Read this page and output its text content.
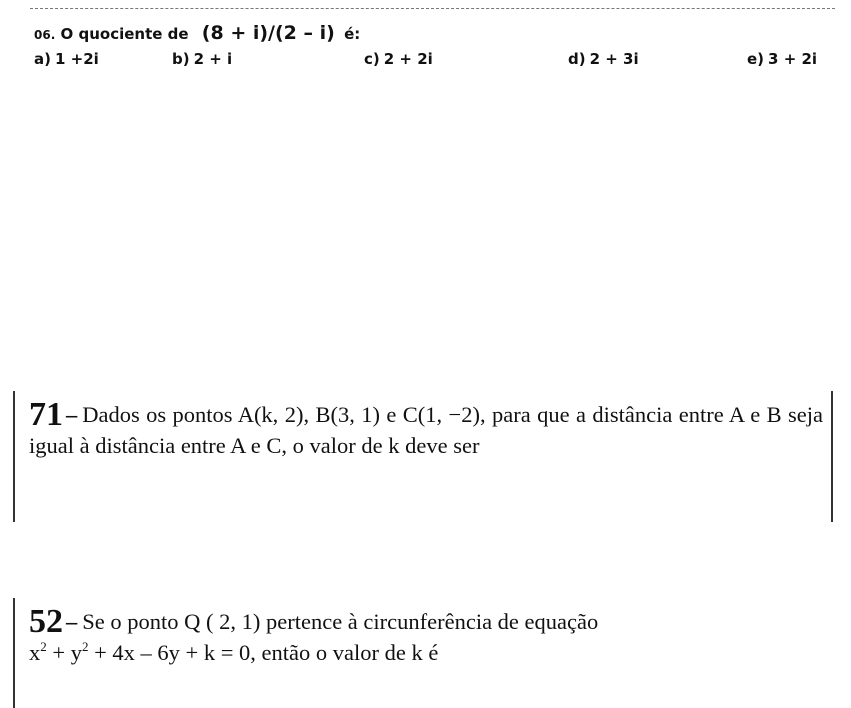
06. O quociente de (8 + i)/(2 – i) é:
a) 1 +2i	b) 2 + i	c) 2 + 2i	d) 2 + 3i	e) 3 + 2i
71 – Dados os pontos A(k, 2), B(3, 1) e C(1, −2), para que a distância entre A e B seja igual à distância entre A e C, o valor de k deve ser
52 – Se o ponto Q ( 2, 1) pertence à circunferência de equação
$x^2 + y^2 + 4x - 6y + k = 0$, então o valor de k é
